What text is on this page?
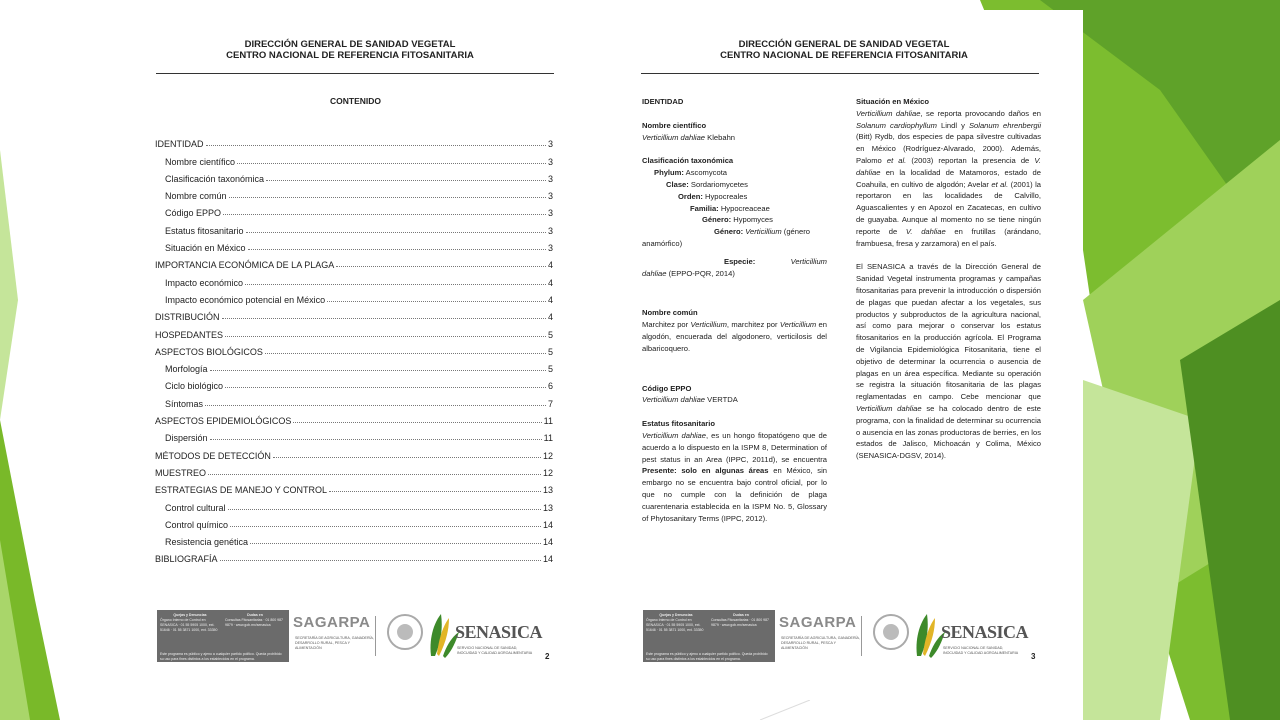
DIRECCIÓN GENERAL DE SANIDAD VEGETAL
CENTRO NACIONAL DE REFERENCIA FITOSANITARIA
CONTENIDO
IDENTIDAD	3
Nombre científico	3
Clasificación taxonómica	3
Nombre común	3
Código EPPO	3
Estatus fitosanitario	3
Situación en México	3
IMPORTANCIA ECONÓMICA DE LA PLAGA	4
Impacto económico	4
Impacto económico potencial en México	4
DISTRIBUCIÓN	4
HOSPEDANTES	5
ASPECTOS BIOLÓGICOS	5
Morfología	5
Ciclo biológico	6
Síntomas	7
ASPECTOS EPIDEMIOLÓGICOS	11
Dispersión	11
MÉTODOS DE DETECCIÓN	12
MUESTREO	12
ESTRATEGIAS DE MANEJO Y CONTROL	13
Control cultural	13
Control químico	14
Resistencia genética	14
BIBLIOGRAFÍA	14
Quejas y Denuncias
Órgano Interno de Control en SENASICA · 01 55 5905 1000, ext. 51646 · 01 55 3871 1000, ext. 33350
Dudas en
Consultas Fitosanitarias · 01 800 987 9879 · www.gob.mx/senasica
Este programa es público y ajeno a cualquier partido político. Queda prohibido su uso para fines distintos a los establecidos en el programa.
SAGARPA
SECRETARÍA DE AGRICULTURA, GANADERÍA, DESARROLLO RURAL, PESCA Y ALIMENTACIÓN
SENASICA
SERVICIO NACIONAL DE SANIDAD, INOCUIDAD Y CALIDAD AGROALIMENTARIA	2
DIRECCIÓN GENERAL DE SANIDAD VEGETAL
CENTRO NACIONAL DE REFERENCIA FITOSANITARIA

IDENTIDAD

Nombre científico

Verticillium dahliae Klebahn

Clasificación taxonómica

Phylum: Ascomycota

Clase: Sordariomycetes

Orden: Hypocreales

Familia: Hypocreaceae

Género: Hypomyces

Género: Verticillium (género

anamórfico)

Especie:	Verticillium

dahliae (EPPO-PQR, 2014)

Nombre común

Marchitez por Verticillium, marchitez por Verticillium en algodón, encuerada del algodonero, verticilosis del albaricoquero.

Código EPPO

Verticillium dahliae VERTDA

Estatus fitosanitario

Verticillium dahliae, es un hongo fitopatógeno que de acuerdo a lo dispuesto en la ISPM 8, Determination of pest status in an Area (IPPC, 2011d), se encuentra Presente: solo en algunas áreas en México, sin embargo no se encuentra bajo control oficial, por lo que no cumple con la definición de plaga cuarentenaria establecida en la ISPM No. 5, Glossary of Phytosanitary Terms (IPPC, 2012).

Situación en México

Verticillium dahliae, se reporta provocando daños en Solanum cardiophyllum Lindl y Solanum ehrenbergii (Bitt) Rydb, dos especies de papa silvestre cultivadas en México (Rodríguez-Alvarado, 2000). Además, Palomo et al. (2003) reportan la presencia de V. dahliae en la localidad de Matamoros, estado de Coahuila, en cultivo de algodón; Avelar et al. (2001) la reportaron en las localidades de Calvillo, Aguascalientes y en Apozol en Zacatecas, en cultivo de guayaba. Aunque al momento no se tiene ningún reporte de V. dahliae en frutillas (arándano, frambuesa, fresa y zarzamora) en el país.

El SENASICA a través de la Dirección General de Sanidad Vegetal instrumenta programas y campañas fitosanitarias para prevenir la introducción o dispersión de plagas que puedan afectar a los vegetales, sus productos y subproductos de la agricultura nacional, así como para mejorar o conservar los estatus fitosanitarios en la producción agrícola. El Programa de Vigilancia Epidemiológica Fitosanitaria, tiene el objetivo de determinar la ocurrencia o ausencia de plagas en un área específica. Mediante su operación se registra la situación fitosanitaria de las plagas reglamentadas en campo. Cebe mencionar que Verticillium dahliae se ha colocado dentro de este programa, con la finalidad de determinar su ocurrencia o ausencia en las zonas productoras de berries, en los estados de Jalisco, Michoacán y Colima, México (SENASICA-DGSV, 2014).

Quejas y Denuncias
Órgano Interno de Control en SENASICA · 01 55 5905 1000, ext. 51646 · 01 55 3871 1000, ext. 33350
Dudas en
Consultas Fitosanitarias · 01 800 987 9879 · www.gob.mx/senasica
Este programa es público y ajeno a cualquier partido político. Queda prohibido su uso para fines distintos a los establecidos en el programa.
SAGARPA
SECRETARÍA DE AGRICULTURA, GANADERÍA, DESARROLLO RURAL, PESCA Y ALIMENTACIÓN
SENASICA
SERVICIO NACIONAL DE SANIDAD, INOCUIDAD Y CALIDAD AGROALIMENTARIA	3
